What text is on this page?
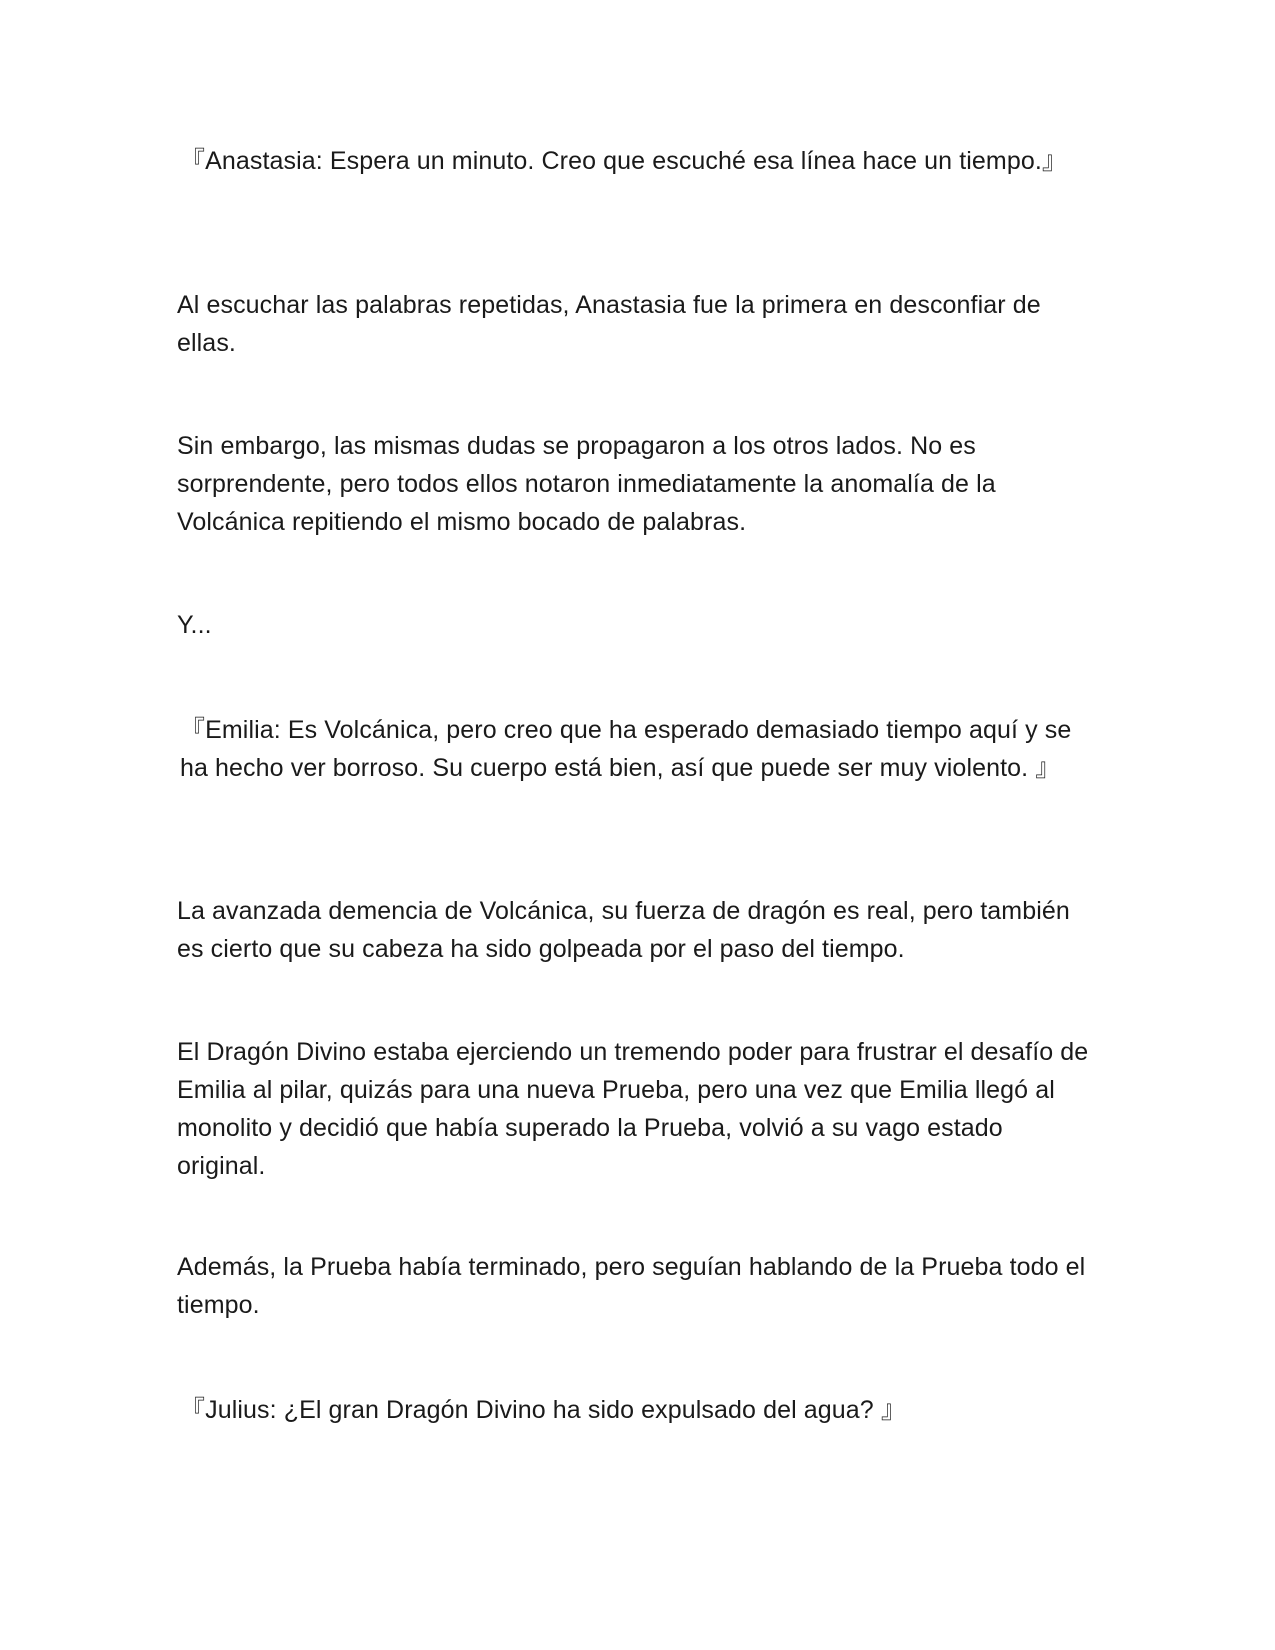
『Anastasia: Espera un minuto. Creo que escuché esa línea hace un tiempo.』

Al escuchar las palabras repetidas, Anastasia fue la primera en desconfiar de ellas.

Sin embargo, las mismas dudas se propagaron a los otros lados. No es sorprendente, pero todos ellos notaron inmediatamente la anomalía de la Volcánica repitiendo el mismo bocado de palabras.

Y...

『Emilia: Es Volcánica, pero creo que ha esperado demasiado tiempo aquí y se ha hecho ver borroso. Su cuerpo está bien, así que puede ser muy violento. 』

La avanzada demencia de Volcánica, su fuerza de dragón es real, pero también es cierto que su cabeza ha sido golpeada por el paso del tiempo.

El Dragón Divino estaba ejerciendo un tremendo poder para frustrar el desafío de Emilia al pilar, quizás para una nueva Prueba, pero una vez que Emilia llegó al monolito y decidió que había superado la Prueba, volvió a su vago estado original.

Además, la Prueba había terminado, pero seguían hablando de la Prueba todo el tiempo.

『Julius: ¿El gran Dragón Divino ha sido expulsado del agua? 』
